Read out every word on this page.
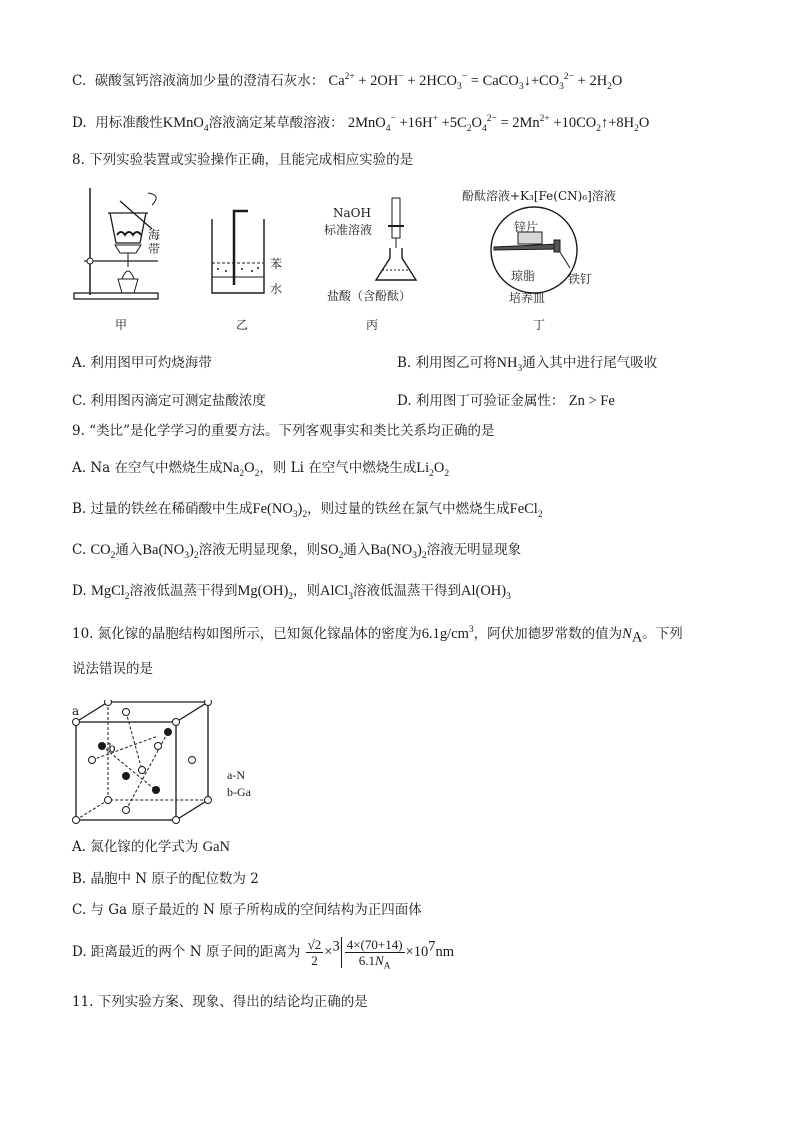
C. 碳酸氢钙溶液滴加少量的澄清石灰水： $Ca^{2+} + 2OH^- + 2HCO_3^-$ = $CaCO_3↓+CO_3^{2-} + 2H_2O$
D. 用标准酸性KMnO$_4$溶液滴定某草酸溶液： $2MnO_4^- +16H^+ +5C_2O_4^{2-} = 2Mn^{2+}$ $+10CO_2↑+8H_2O$
8. 下列实验装置或实验操作正确，且能完成相应实验的是
海
带
甲
苯
水
乙
NaOH
标准溶液
盐酸（含酚酞）
丙
酚酞溶液+K₃[Fe(CN)₆]溶液
锌片
琼脂	铁钉
培养皿
丁
A. 利用图甲可灼烧海带	B. 利用图乙可将$NH_3$通入其中进行尾气吸收
C. 利用图丙滴定可测定盐酸浓度	D. 利用图丁可验证金属性： Zn > Fe
9. “类比”是化学学习的重要方法。下列客观事实和类比关系均正确的是
A. Na 在空气中燃烧生成$Na_2O_2$，则 Li 在空气中燃烧生成$Li_2O_2$
B. 过量的铁丝在稀硝酸中生成$Fe(NO_3)_2$，则过量的铁丝在氯气中燃烧生成FeCl$_2$
C. $CO_2$通入$Ba(NO_3)_2$溶液无明显现象，则$SO_2$通入$Ba(NO_3)_2$溶液无明显现象
D. MgCl$_2$溶液低温蒸干得到$Mg(OH)_2$，则AlCl$_3$溶液低温蒸干得到$Al(OH)_3$
10. 氮化镓的晶胞结构如图所示，已知氮化镓晶体的密度为$6.1g/cm^3$，阿伏加德罗常数的值为$N_A$。下列
说法错误的是
a
b
a-N
b-Ga
A. 氮化镓的化学式为 GaN
B. 晶胞中 N 原子的配位数为 2
C. 与 Ga 原子最近的 N 原子所构成的空间结构为正四面体
D. 距离最近的两个 N 原子间的距离为 $\frac{√2}{2} \times^3 \frac{4\times(70+14)}{6.1N_A} \times 10^7nm$
11. 下列实验方案、现象、得出的结论均正确的是
